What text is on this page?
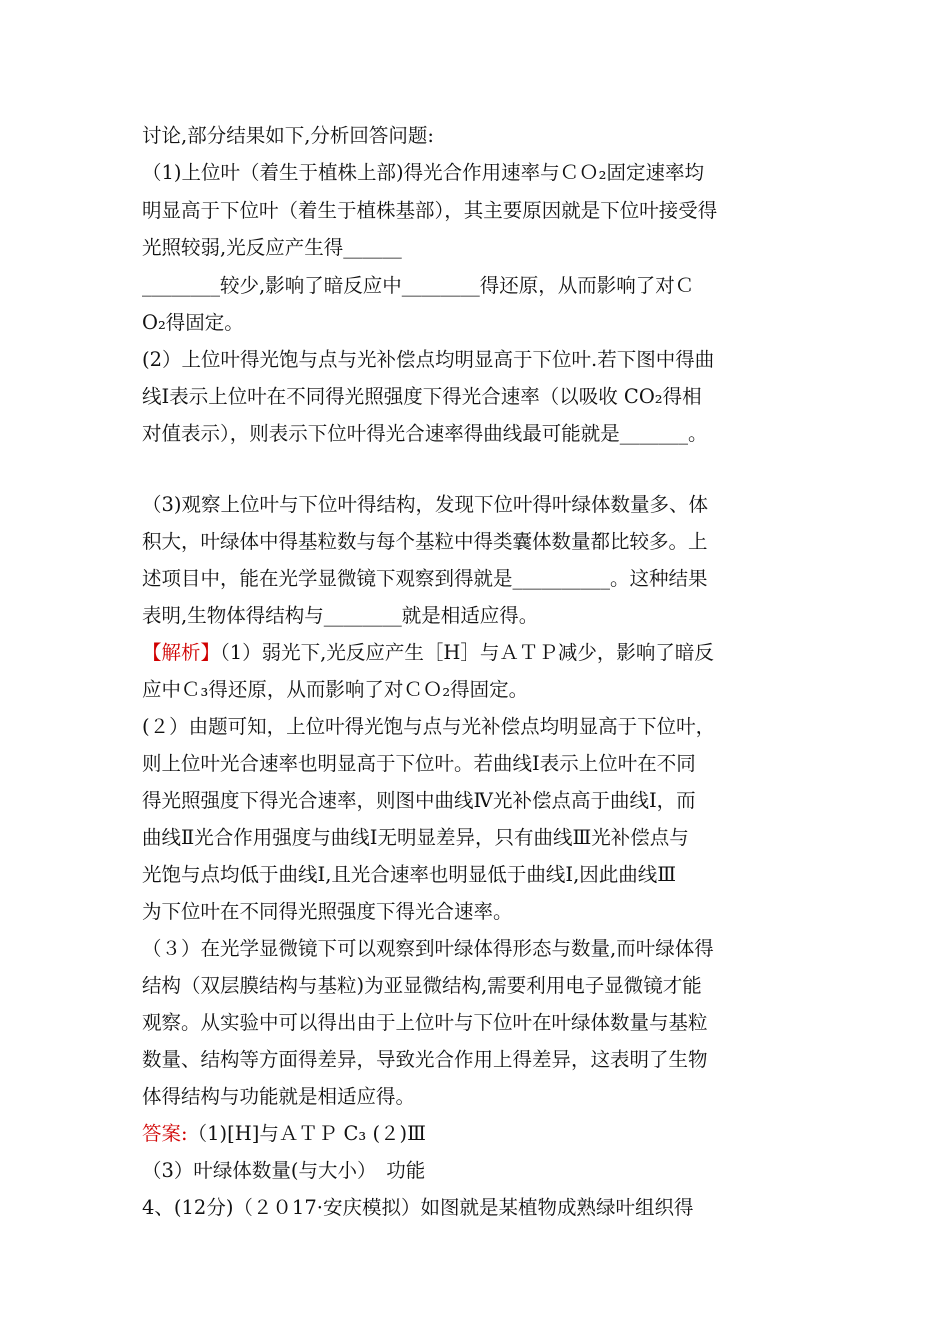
讨论,部分结果如下,分析回答问题:
（1)上位叶（着生于植株上部)得光合作用速率与ＣＯ₂固定速率均
明显高于下位叶（着生于植株基部），其主要原因就是下位叶接受得
光照较弱,光反应产生得______
________较少,影响了暗反应中________得还原，从而影响了对Ｃ
O₂得固定。
(2）上位叶得光饱与点与光补偿点均明显高于下位叶.若下图中得曲
线Ⅰ表示上位叶在不同得光照强度下得光合速率（以吸收 CO₂得相
对值表示），则表示下位叶得光合速率得曲线最可能就是_______。
（3)观察上位叶与下位叶得结构，发现下位叶得叶绿体数量多、体
积大，叶绿体中得基粒数与每个基粒中得类囊体数量都比较多。上
述项目中，能在光学显微镜下观察到得就是__________。这种结果
表明,生物体得结构与________就是相适应得。
【解析】（1）弱光下,光反应产生［H］与ＡＴＰ减少，影响了暗反
应中Ｃ₃得还原，从而影响了对ＣＯ₂得固定。
(２）由题可知，上位叶得光饱与点与光补偿点均明显高于下位叶，
则上位叶光合速率也明显高于下位叶。若曲线Ⅰ表示上位叶在不同
得光照强度下得光合速率，则图中曲线Ⅳ光补偿点高于曲线Ⅰ，而
曲线Ⅱ光合作用强度与曲线Ⅰ无明显差异，只有曲线Ⅲ光补偿点与
光饱与点均低于曲线Ⅰ,且光合速率也明显低于曲线Ⅰ,因此曲线Ⅲ
为下位叶在不同得光照强度下得光合速率。
（３）在光学显微镜下可以观察到叶绿体得形态与数量,而叶绿体得
结构（双层膜结构与基粒)为亚显微结构,需要利用电子显微镜才能
观察。从实验中可以得出由于上位叶与下位叶在叶绿体数量与基粒
数量、结构等方面得差异，导致光合作用上得差异，这表明了生物
体得结构与功能就是相适应得。
答案:（1)[H]与ＡＴＰ C₃ (２)Ⅲ
（3）叶绿体数量(与大小）　功能
4、(12分)（２０17·安庆模拟）如图就是某植物成熟绿叶组织得
